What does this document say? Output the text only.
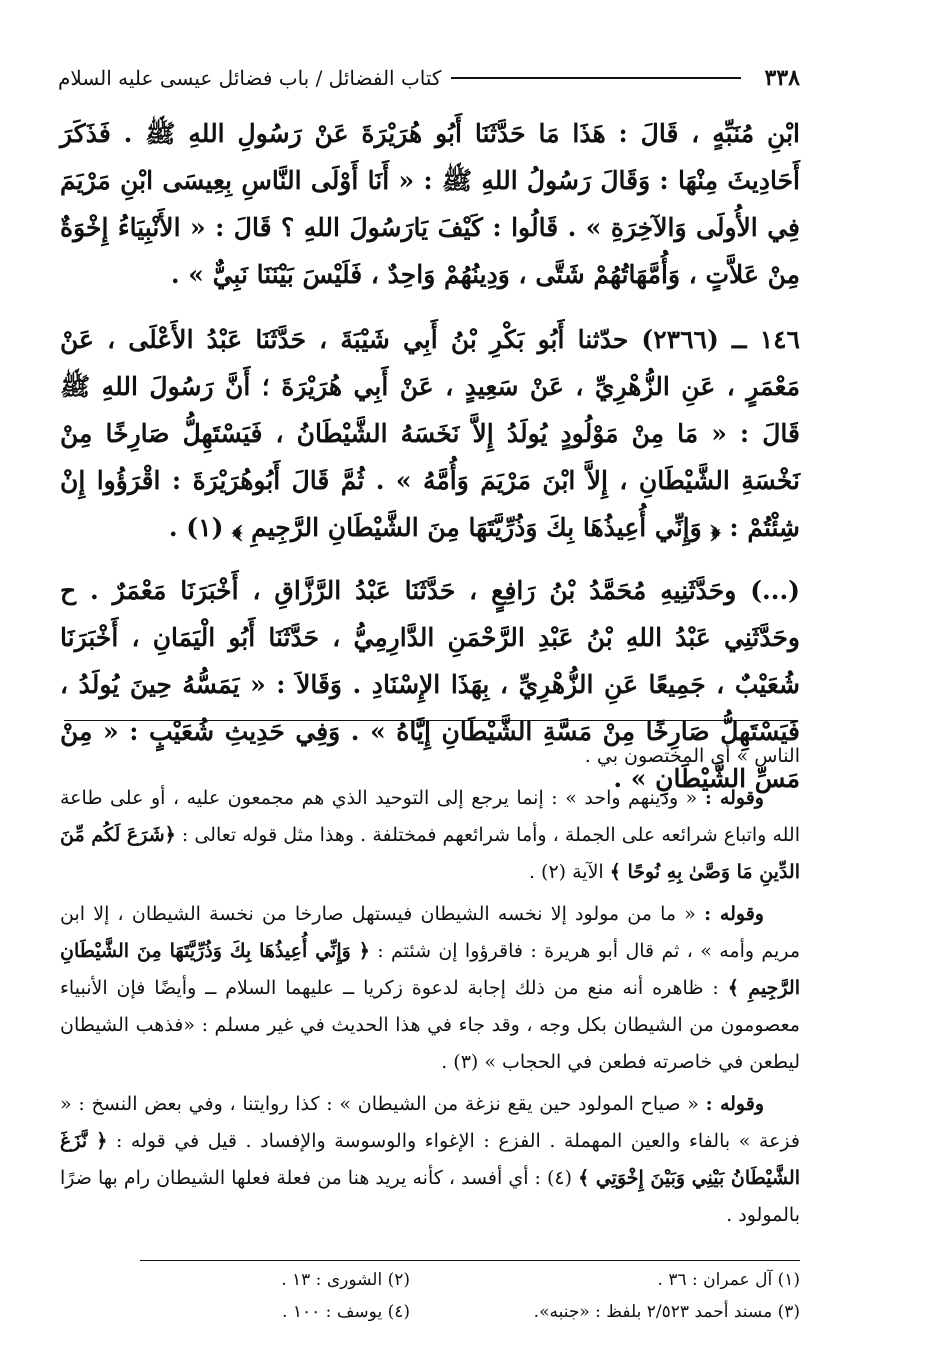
٣٣٨
كتاب الفضائل / باب فضائل عيسى عليه السلام

ابْنِ مُنَبِّهٍ ، قَالَ : هَذَا مَا حَدَّثَنَا أَبُو هُرَيْرَةَ عَنْ رَسُولِ اللهِ ﷺ . فَذَكَرَ أَحَادِيثَ مِنْهَا : وَقَالَ رَسُولُ اللهِ ﷺ : « أَنَا أَوْلَى النَّاسِ بِعِيسَى ابْنِ مَرْيَمَ فِي الأُولَى وَالآخِرَةِ » . قَالُوا : كَيْفَ يَارَسُولَ اللهِ ؟ قَالَ : « الأَنْبِيَاءُ إِخْوَةٌ مِنْ عَلاَّتٍ ، وَأُمَّهَاتُهُمْ شَتَّى ، وَدِينُهُمْ وَاحِدٌ ، فَلَيْسَ بَيْنَنَا نَبِيٌّ » .

١٤٦ ــ (٢٣٦٦) حدّثنا أَبُو بَكْرِ بْنُ أَبِي شَيْبَةَ ، حَدَّثَنَا عَبْدُ الأَعْلَى ، عَنْ مَعْمَرٍ ، عَنِ الزُّهْرِيِّ ، عَنْ سَعِيدٍ ، عَنْ أَبِي هُرَيْرَةَ ؛ أَنَّ رَسُولَ اللهِ ﷺ قَالَ : « مَا مِنْ مَوْلُودٍ يُولَدُ إِلاَّ نَخَسَهُ الشَّيْطَانُ ، فَيَسْتَهِلُّ صَارِخًا مِنْ نَخْسَةِ الشَّيْطَانِ ، إِلاَّ ابْنَ مَرْيَمَ وَأُمَّهُ » . ثُمَّ قَالَ أَبُوهُرَيْرَةَ : اقْرَؤُوا إِنْ شِئْتُمْ : ﴿ وَإِنِّي أُعِيذُهَا بِكَ وَذُرِّيَّتَهَا مِنَ الشَّيْطَانِ الرَّجِيمِ ﴾ (١) .

(...) وحَدَّثَنِيهِ مُحَمَّدُ بْنُ رَافِعٍ ، حَدَّثَنَا عَبْدُ الرَّزَّاقِ ، أَخْبَرَنَا مَعْمَرٌ . ح وحَدَّثَنِي عَبْدُ اللهِ بْنُ عَبْدِ الرَّحْمَنِ الدَّارِمِيُّ ، حَدَّثَنَا أَبُو الْيَمَانِ ، أَخْبَرَنَا شُعَيْبٌ ، جَمِيعًا عَنِ الزُّهْرِيِّ ، بِهَذَا الإِسْنَادِ . وَقَالاَ : « يَمَسُّهُ حِينَ يُولَدُ ، فَيَسْتَهِلُّ صَارِخًا مِنْ مَسَّةِ الشَّيْطَانِ إِيَّاهُ » . وَفِي حَدِيثِ شُعَيْبٍ : « مِنْ مَسِّ الشَّيْطَانِ » .

الناس » أي المختصون بي .

وقوله : « ودينهم واحد » : إنما يرجع إلى التوحيد الذي هم مجمعون عليه ، أو على طاعة الله واتباع شرائعه على الجملة ، وأما شرائعهم فمختلفة . وهذا مثل قوله تعالى : ﴿شَرَعَ لَكُم مِّنَ الدِّينِ مَا وَصَّىٰ بِهِ نُوحًا ﴾ الآية (٢) .

وقوله : « ما من مولود إلا نخسه الشيطان فيستهل صارخا من نخسة الشيطان ، إلا ابن مريم وأمه » ، ثم قال أبو هريرة : فاقرؤوا إن شئتم : ﴿ وَإِنِّي أُعِيذُهَا بِكَ وَذُرِّيَّتَهَا مِنَ الشَّيْطَانِ الرَّجِيمِ ﴾ : ظاهره أنه منع من ذلك إجابة لدعوة زكريا ــ عليهما السلام ــ وأيضًا فإن الأنبياء معصومون من الشيطان بكل وجه ، وقد جاء في هذا الحديث في غير مسلم : «فذهب الشيطان ليطعن في خاصرته فطعن في الحجاب » (٣) .

وقوله : « صياح المولود حين يقع نزغة من الشيطان » : كذا روايتنا ، وفي بعض النسخ : « فزعة » بالفاء والعين المهملة . الفزع : الإغواء والوسوسة والإفساد . قيل في قوله : ﴿ نَّزَغَ الشَّيْطَانُ بَيْنِي وَبَيْنَ إِخْوَتِي ﴾ (٤) : أي أفسد ، كأنه يريد هنا من فعلة فعلها الشيطان رام بها ضرًا بالمولود .

(١) آل عمران : ٣٦ .
(٢) الشورى : ١٣ .
(٣) مسند أحمد ٢/٥٢٣ بلفظ : «جنبه».
(٤) يوسف : ١٠٠ .
